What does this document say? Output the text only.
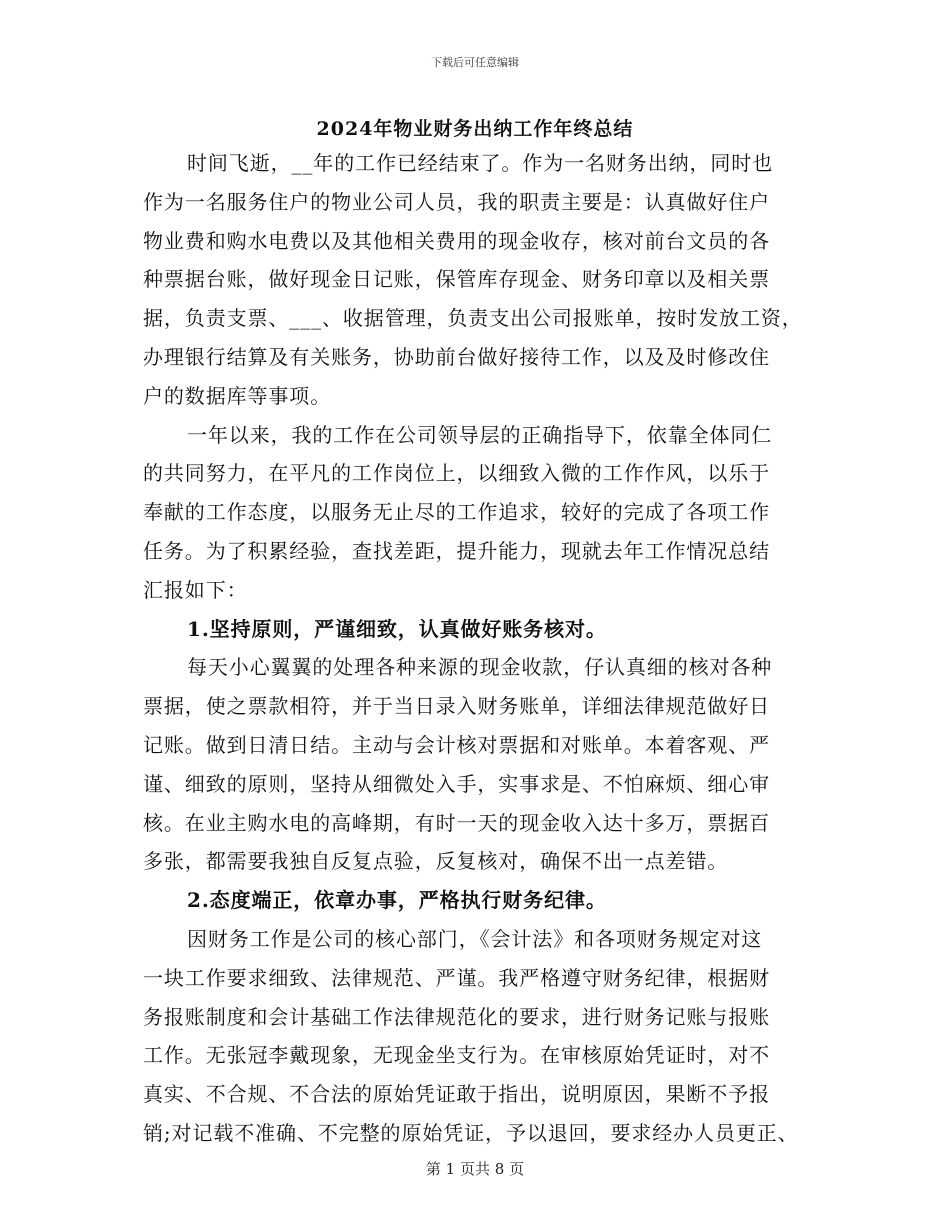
下载后可任意编辑
2024年物业财务出纳工作年终总结
时间飞逝，__年的工作已经结束了。作为一名财务出纳，同时也
作为一名服务住户的物业公司人员，我的职责主要是：认真做好住户
物业费和购水电费以及其他相关费用的现金收存，核对前台文员的各
种票据台账，做好现金日记账，保管库存现金、财务印章以及相关票
据，负责支票、___、收据管理，负责支出公司报账单，按时发放工资，
办理银行结算及有关账务，协助前台做好接待工作，以及及时修改住
户的数据库等事项。
一年以来，我的工作在公司领导层的正确指导下，依靠全体同仁
的共同努力，在平凡的工作岗位上，以细致入微的工作作风，以乐于
奉献的工作态度，以服务无止尽的工作追求，较好的完成了各项工作
任务。为了积累经验，查找差距，提升能力，现就去年工作情况总结
汇报如下：
1.坚持原则，严谨细致，认真做好账务核对。
每天小心翼翼的处理各种来源的现金收款，仔认真细的核对各种
票据，使之票款相符，并于当日录入财务账单，详细法律规范做好日
记账。做到日清日结。主动与会计核对票据和对账单。本着客观、严
谨、细致的原则，坚持从细微处入手，实事求是、不怕麻烦、细心审
核。在业主购水电的高峰期，有时一天的现金收入达十多万，票据百
多张，都需要我独自反复点验，反复核对，确保不出一点差错。
2.态度端正，依章办事，严格执行财务纪律。
因财务工作是公司的核心部门，《会计法》和各项财务规定对这
一块工作要求细致、法律规范、严谨。我严格遵守财务纪律，根据财
务报账制度和会计基础工作法律规范化的要求，进行财务记账与报账
工作。无张冠李戴现象，无现金坐支行为。在审核原始凭证时，对不
真实、不合规、不合法的原始凭证敢于指出，说明原因，果断不予报
销;对记载不准确、不完整的原始凭证，予以退回，要求经办人员更正、
第 1 页共 8 页
